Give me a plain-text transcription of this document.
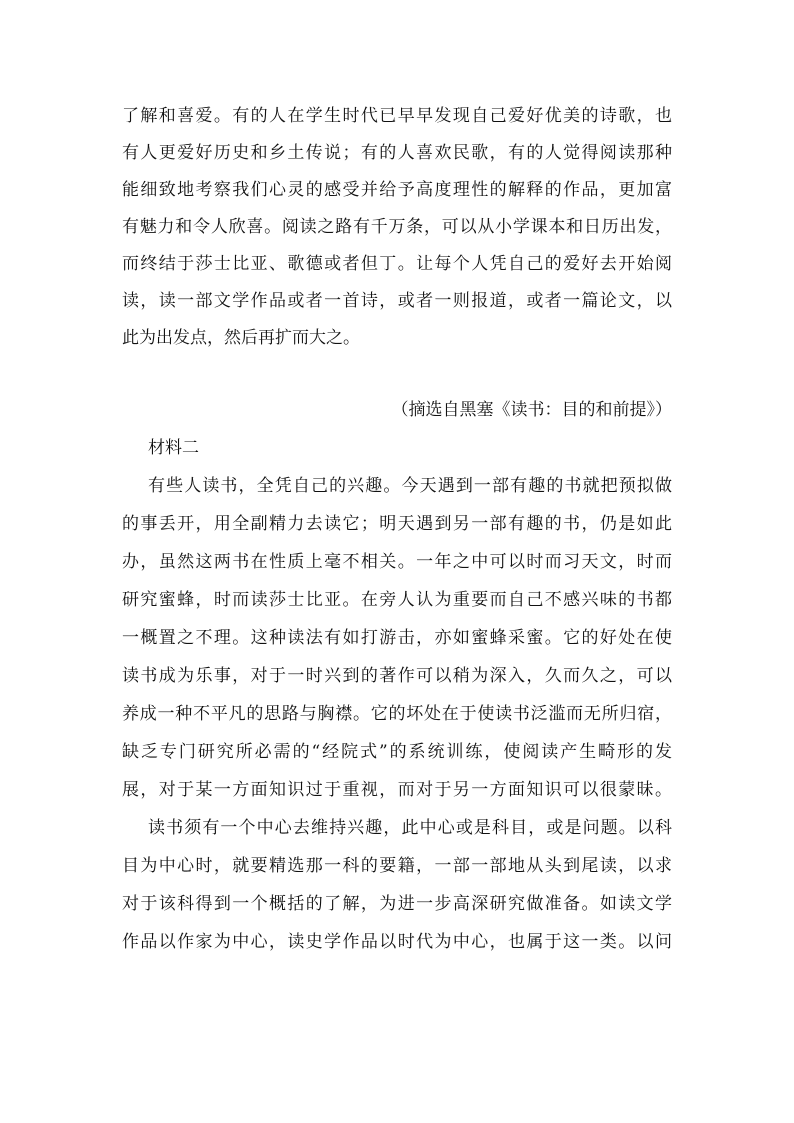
了解和喜爱。有的人在学生时代已早早发现自己爱好优美的诗歌，也
有人更爱好历史和乡土传说；有的人喜欢民歌，有的人觉得阅读那种
能细致地考察我们心灵的感受并给予高度理性的解释的作品，更加富
有魅力和令人欣喜。阅读之路有千万条，可以从小学课本和日历出发，
而终结于莎士比亚、歌德或者但丁。让每个人凭自己的爱好去开始阅
读，读一部文学作品或者一首诗，或者一则报道，或者一篇论文，以
此为出发点，然后再扩而大之。
（摘选自黑塞《读书：目的和前提》）
材料二
有些人读书，全凭自己的兴趣。今天遇到一部有趣的书就把预拟做
的事丢开，用全副精力去读它；明天遇到另一部有趣的书，仍是如此
办，虽然这两书在性质上毫不相关。一年之中可以时而习天文，时而
研究蜜蜂，时而读莎士比亚。在旁人认为重要而自己不感兴味的书都
一概置之不理。这种读法有如打游击，亦如蜜蜂采蜜。它的好处在使
读书成为乐事，对于一时兴到的著作可以稍为深入，久而久之，可以
养成一种不平凡的思路与胸襟。它的坏处在于使读书泛滥而无所归宿，
缺乏专门研究所必需的“经院式”的系统训练，使阅读产生畸形的发
展，对于某一方面知识过于重视，而对于另一方面知识可以很蒙昧。
读书须有一个中心去维持兴趣，此中心或是科目，或是问题。以科
目为中心时，就要精选那一科的要籍，一部一部地从头到尾读，以求
对于该科得到一个概括的了解，为进一步高深研究做准备。如读文学
作品以作家为中心，读史学作品以时代为中心，也属于这一类。以问
